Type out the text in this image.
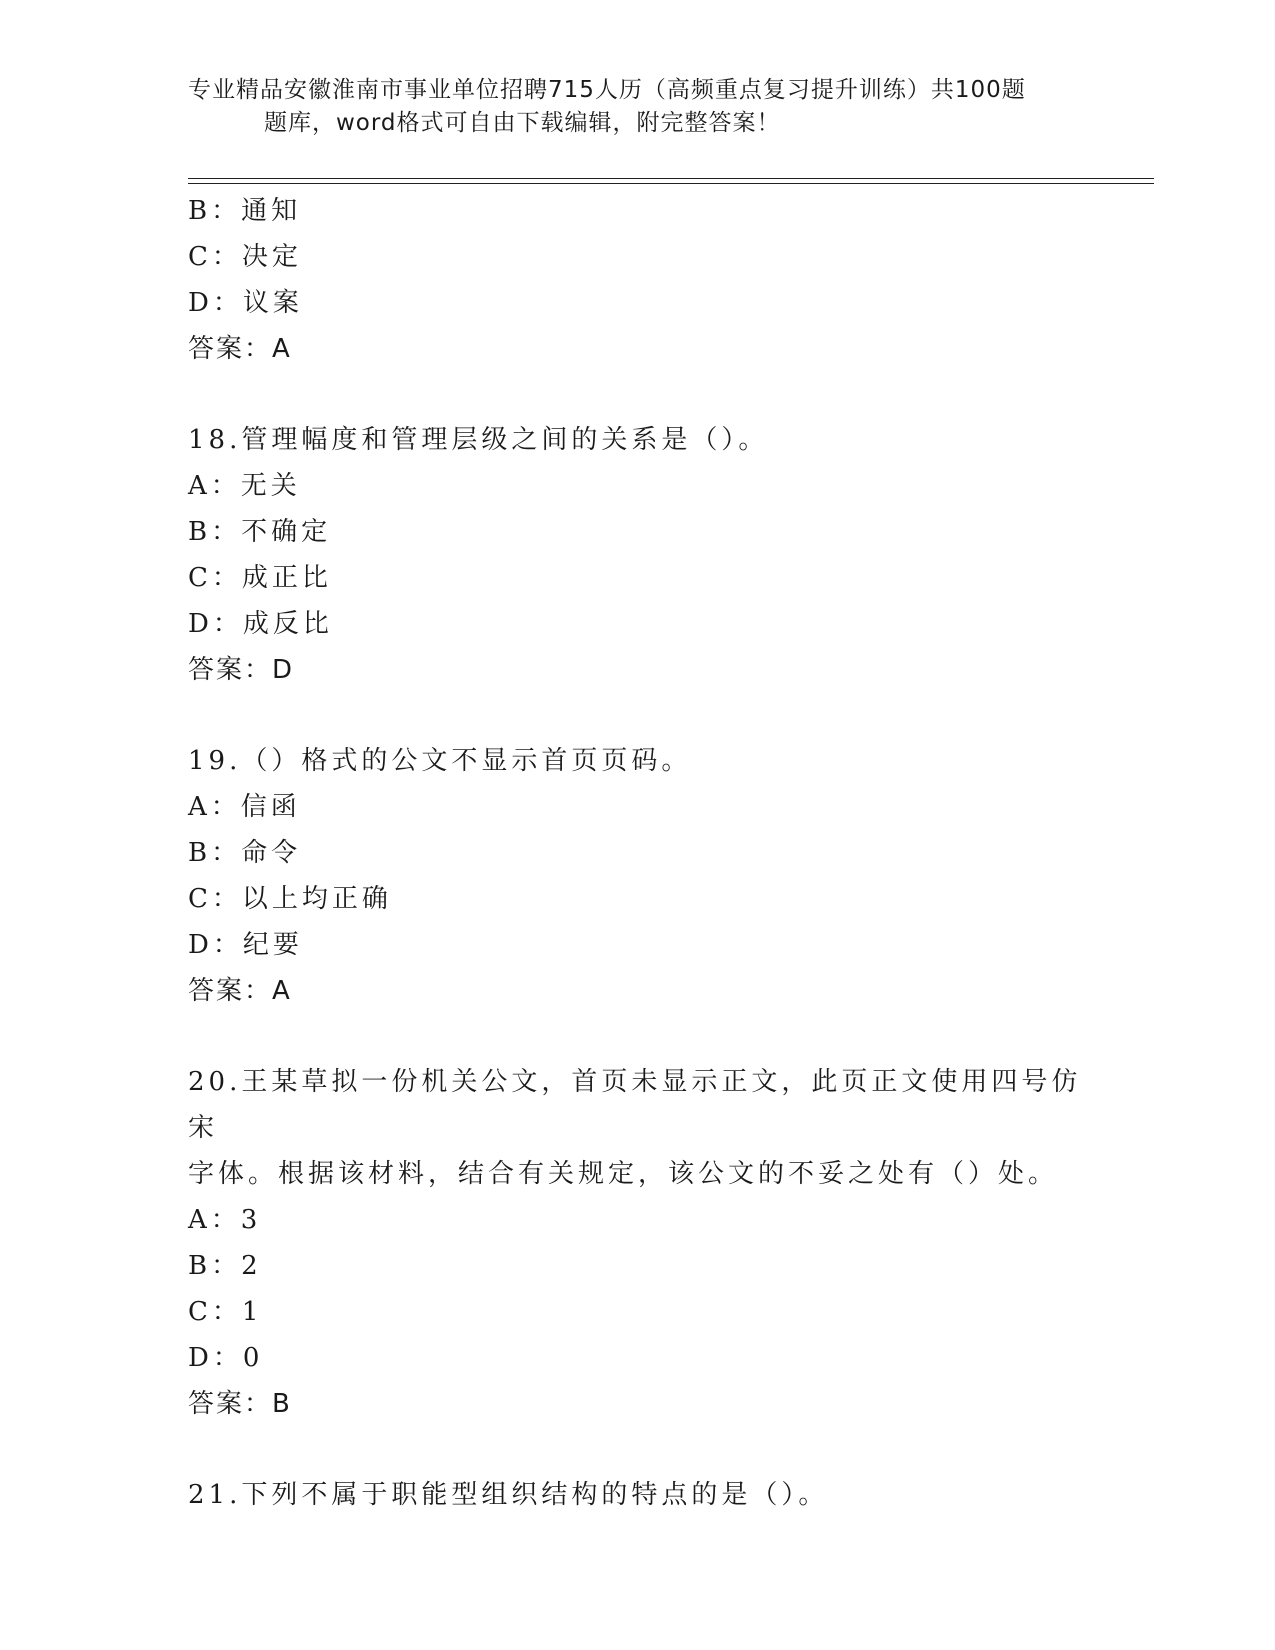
专业精品安徽淮南市事业单位招聘715人历（高频重点复习提升训练）共100题
题库，word格式可自由下载编辑，附完整答案！
B：通知
C：决定
D：议案
答案：A
18.管理幅度和管理层级之间的关系是（）。
A：无关
B：不确定
C：成正比
D：成反比
答案：D
19.（）格式的公文不显示首页页码。
A：信函
B：命令
C：以上均正确
D：纪要
答案：A
20.王某草拟一份机关公文，首页未显示正文，此页正文使用四号仿宋
字体。根据该材料，结合有关规定，该公文的不妥之处有（）处。
A：3
B：2
C：1
D：0
答案：B
21.下列不属于职能型组织结构的特点的是（）。
